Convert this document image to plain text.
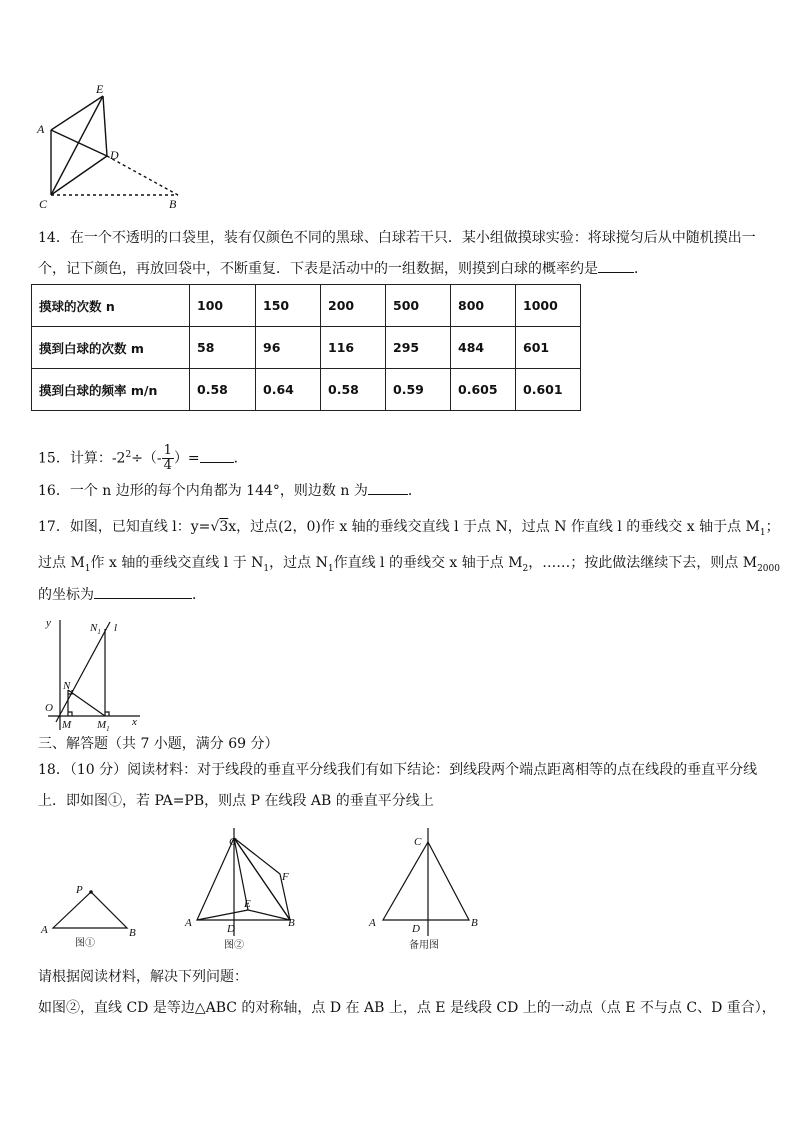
E
A
D
C	B
14．在一个不透明的口袋里，装有仅颜色不同的黑球、白球若干只．某小组做摸球实验：将球搅匀后从中随机摸出一
个，记下颜色，再放回袋中，不断重复．下表是活动中的一组数据，则摸到白球的概率约是	．
摸球的次数 n	100	150	200	500	800	1000
摸到白球的次数 m	58	96	116	295	484	601
摸到白球的频率 m/n	0.58	0.64	0.58	0.59	0.605	0.601
15．计算：$-2^2\div(- \frac{1}{4}$ ）= ．
16．一个 n 边形的每个内角都为 144°，则边数 n 为	．
17．如图，已知直线 l：y=√3x，过点(2，0)作 x 轴的垂线交直线 l 于点 N，过点 N 作直线 l 的垂线交 x 轴于点 $M_1$；
过点 $M_1$作 x 轴的垂线交直线 l 于 $N_1$，过点 $N_1$作直线 l 的垂线交 x 轴于点 $M_2$，……；按此做法继续下去，则点 $M_{2000}$
的坐标为	．
y	$N_1$ l
N
O
M $M_1$
x
三、解答题（共 7 小题，满分 69 分）
18．（10 分）阅读材料：对于线段的垂直平分线我们有如下结论：到线段两个端点距离相等的点在线段的垂直平分线
上．即如图①，若 PA=PB，则点 P 在线段 AB 的垂直平分线上
P
A	B
图①
C
F
E
A	D	B
图②
C
A	D	B
备用图
请根据阅读材料，解决下列问题：
如图②，直线 CD 是等边△ABC 的对称轴，点 D 在 AB 上，点 E 是线段 CD 上的一动点（点 E 不与点 C、D 重合），
